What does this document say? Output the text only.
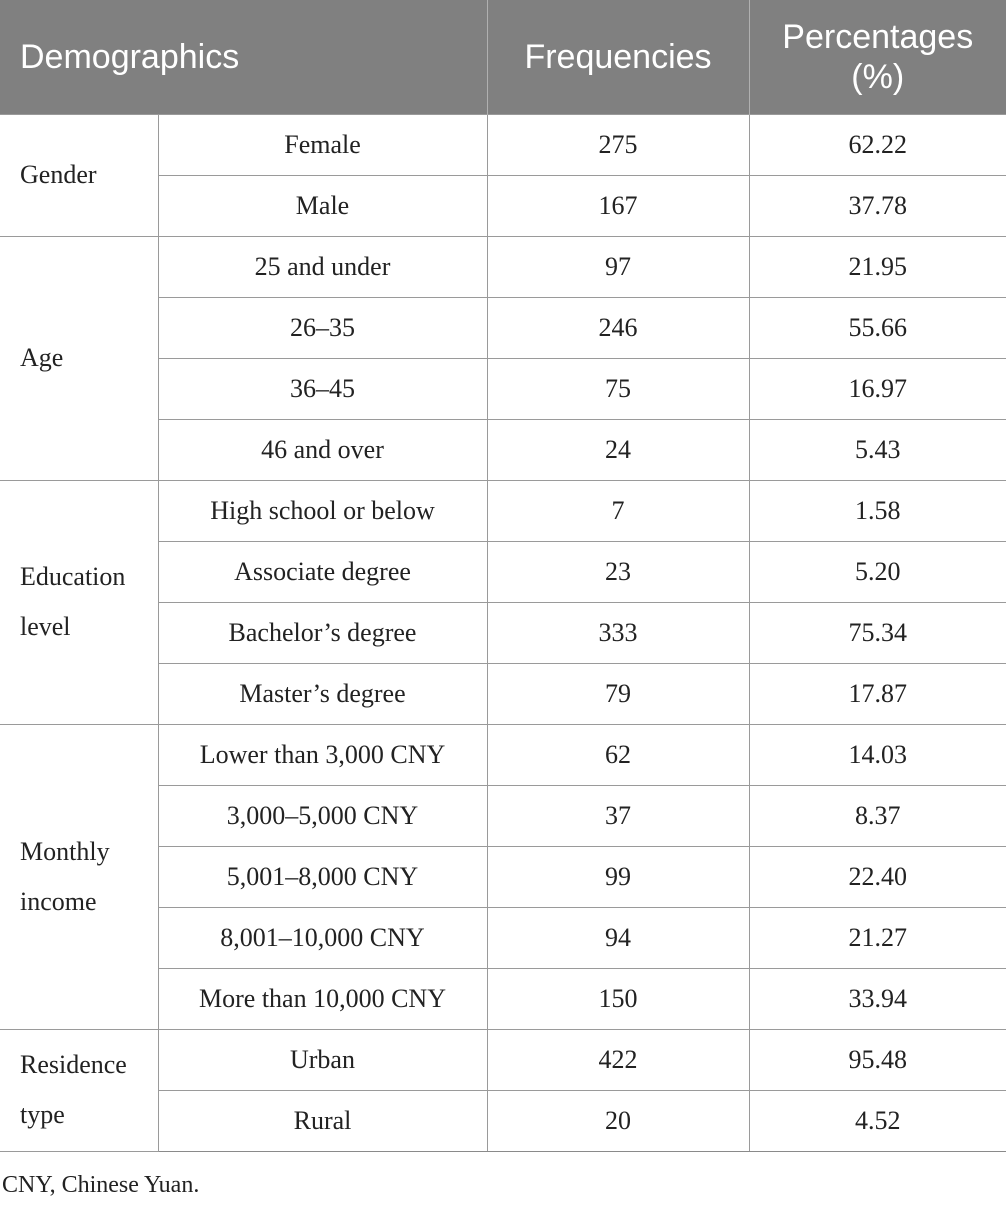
Demographics		Frequencies	Percentages (%)
Gender	Female	275	62.22
	Male	167	37.78
Age	25 and under	97	21.95
	26–35	246	55.66
	36–45	75	16.97
	46 and over	24	5.43
Education level	High school or below	7	1.58
	Associate degree	23	5.20
	Bachelor’s degree	333	75.34
	Master’s degree	79	17.87
Monthly income	Lower than 3,000 CNY	62	14.03
	3,000–5,000 CNY	37	8.37
	5,001–8,000 CNY	99	22.40
	8,001–10,000 CNY	94	21.27
	More than 10,000 CNY	150	33.94
Residence type	Urban	422	95.48
	Rural	20	4.52
CNY, Chinese Yuan.
